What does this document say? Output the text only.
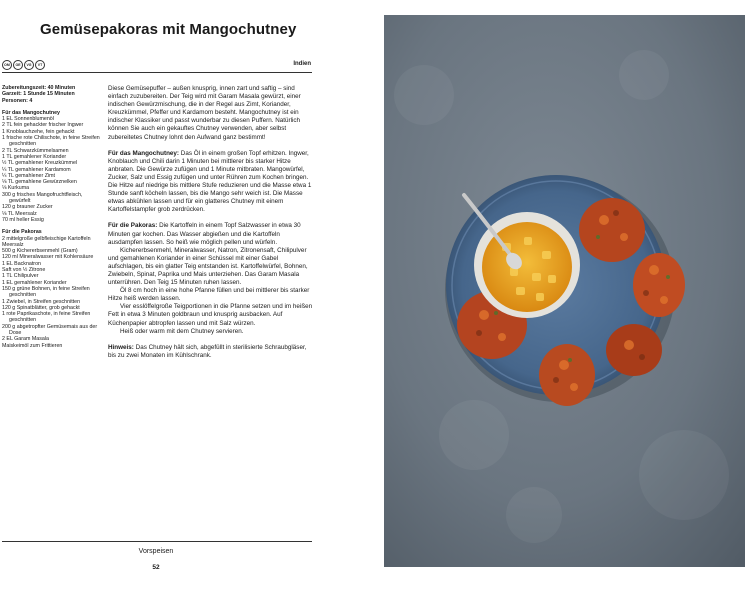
Gemüsepakoras mit Mangochutney
OM	OE	VG	VT	Indien
Zubereitungszeit: 40 Minuten
Garzeit: 1 Stunde 15 Minuten
Personen: 4
Für das Mangochutney
1 EL Sonnenblumenöl
2 TL fein gehackter frischer Ingwer
1 Knoblauchzehe, fein gehackt
1 frische rote Chilischote, in feine Streifen geschnitten
2 TL Schwarzkümmelsamen
1 TL gemahlener Koriander
½ TL gemahlener Kreuzkümmel
¼ TL gemahlener Kardamom
¼ TL gemahlener Zimt
⅛ TL gemahlene Gewürznelken
⅛ Kurkuma
300 g frisches Mangofruchtfleisch, gewürfelt
120 g brauner Zucker
⅛ TL Meersalz
70 ml heller Essig
Für die Pakoras
2 mittelgroße gelbfleischige Kartoffeln
Meersalz
500 g Kichererbsenmehl (Gram)
120 ml Mineralwasser mit Kohlensäure
1 EL Backnatron
Saft von ½ Zitrone
1 TL Chilipulver
1 EL gemahlener Koriander
150 g grüne Bohnen, in feine Streifen geschnitten
1 Zwiebel, in Streifen geschnitten
120 g Spinatblätter, grob gehackt
1 rote Paprikaschote, in feine Streifen geschnitten
200 g abgetropfter Gemüsemais aus der Dose
2 EL Garam Masala
Maiskeimöl zum Frittieren

Diese Gemüsepuffer – außen knusprig, innen zart und saftig – sind einfach zuzubereiten. Der Teig wird mit Garam Masala gewürzt, einer indischen Gewürzmischung, die in der Regel aus Zimt, Koriander, Kreuzkümmel, Pfeffer und Kardamom besteht. Mangochutney ist ein indischer Klassiker und passt wunderbar zu diesen Puffern. Natürlich können Sie auch ein gekauftes Chutney verwenden, aber selbst zubereitetes Chutney lohnt den Aufwand ganz bestimmt!

Für das Mangochutney: Das Öl in einem großen Topf erhitzen. Ingwer, Knoblauch und Chili darin 1 Minuten bei mittlerer bis starker Hitze anbraten. Die Gewürze zufügen und 1 Minute mitbraten. Mangowürfel, Zucker, Salz und Essig zufügen und unter Rühren zum Kochen bringen. Die Hitze auf niedrige bis mittlere Stufe reduzieren und die Masse etwa 1 Stunde sanft köcheln lassen, bis die Mango sehr weich ist. Die Masse etwas abkühlen lassen und für ein glatteres Chutney mit einem Kartoffelstampfer grob zerdrücken.

Für die Pakoras: Die Kartoffeln in einem Topf Salzwasser in etwa 30 Minuten gar kochen. Das Wasser abgießen und die Kartoffeln ausdampfen lassen. So heiß wie möglich pellen und würfeln.

Kichererbsenmehl, Mineralwasser, Natron, Zitronensaft, Chilipulver und gemahlenen Koriander in einer Schüssel mit einer Gabel aufschlagen, bis ein glatter Teig entstanden ist. Kartoffelwürfel, Bohnen, Zwiebeln, Spinat, Paprika und Mais unterziehen. Das Garam Masala unterrühren. Den Teig 15 Minuten ruhen lassen.

Öl 8 cm hoch in eine hohe Pfanne füllen und bei mittlerer bis starker Hitze heiß werden lassen.

Vier esslöffelgroße Teigportionen in die Pfanne setzen und im heißen Fett in etwa 3 Minuten goldbraun und knusprig ausbacken. Auf Küchenpapier abtropfen lassen und mit Salz würzen.

Heiß oder warm mit dem Chutney servieren.

Hinweis: Das Chutney hält sich, abgefüllt in sterilisierte Schraubgläser, bis zu zwei Monaten im Kühlschrank.

Vorspeisen
52
